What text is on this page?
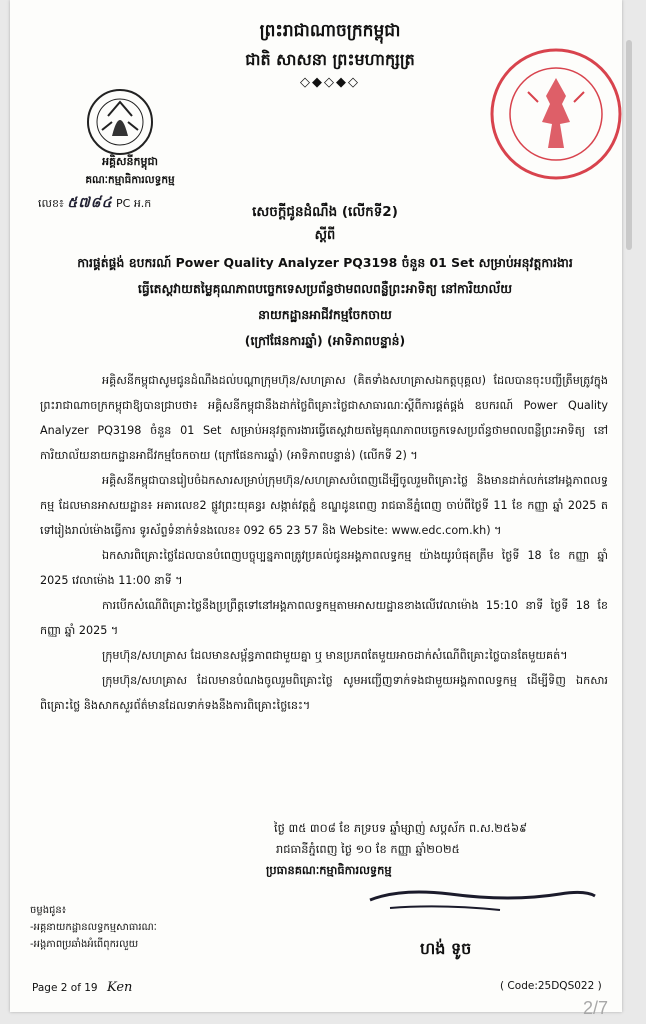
ព្រះរាជាណាចក្រកម្ពុជា
ជាតិ សាសនា ព្រះមហាក្សត្រ
◇◆◇◆◇
អគ្គិសនីកម្ពុជា
គណៈកម្មាធិការលទ្ធកម្ម
លេខ៖ ៥៧៨៤ PC អ.ក
សេចក្តីជូនដំណឹង (លើកទី2)
ស្តីពី
ការផ្គត់ផ្គង់ ឧបករណ៍ Power Quality Analyzer PQ3198 ចំនួន 01 Set សម្រាប់អនុវត្តការងារ
ធ្វើតេស្តវាយតម្លៃគុណភាពបច្ចេកទេសប្រព័ន្ធថាមពលពន្លឺព្រះអាទិត្យ នៅការិយាល័យ
នាយកដ្ឋានអាជីវកម្មចែកចាយ
(ក្រៅផែនការឆ្នាំ) (អាទិភាពបន្ទាន់)

អគ្គិសនីកម្ពុជាសូមជូនដំណឹងដល់បណ្តាក្រុមហ៊ុន/សហគ្រាស (គិតទាំងសហគ្រាសឯកត្តបុគ្គល) ដែលបានចុះបញ្ជីត្រឹមត្រូវក្នុងព្រះរាជាណាចក្រកម្ពុជាឱ្យបានជ្រាបថា៖ អគ្គិសនីកម្ពុជានឹងដាក់ថ្លៃពិគ្រោះថ្លៃជាសាធារណៈស្តីពីការផ្គត់ផ្គង់ ឧបករណ៍ Power Quality Analyzer PQ3198 ចំនួន 01 Set សម្រាប់អនុវត្តការងារធ្វើតេស្តវាយតម្លៃគុណភាពបច្ចេកទេសប្រព័ន្ធថាមពលពន្លឺព្រះអាទិត្យ នៅការិយាល័យនាយកដ្ឋានអាជីវកម្មចែកចាយ (ក្រៅផែនការឆ្នាំ) (អាទិភាពបន្ទាន់) (លើកទី 2) ។

អគ្គិសនីកម្ពុជាបានរៀបចំឯកសារសម្រាប់ក្រុមហ៊ុន/សហគ្រាសបំពេញដើម្បីចូលរួមពិគ្រោះថ្លៃ និងមានដាក់លក់នៅអង្គភាពលទ្ធកម្ម ដែលមានអាសយដ្ឋាន៖ អគារលេខ2 ផ្លូវព្រះយុគន្ធរ សង្កាត់វត្តភ្នំ ខណ្ឌដូនពេញ រាជធានីភ្នំពេញ ចាប់ពីថ្ងៃទី 11 ខែ កញ្ញា ឆ្នាំ 2025 តទៅរៀងរាល់ម៉ោងធ្វើការ ទូរស័ព្ទទំនាក់ទំនងលេខ៖ 092 65 23 57 និង Website: www.edc.com.kh) ។

ឯកសារពិគ្រោះថ្លៃដែលបានបំពេញបច្ចុប្បន្នភាពត្រូវប្រគល់ជូនអង្គភាពលទ្ធកម្ម យ៉ាងយូរបំផុតត្រឹម ថ្ងៃទី 18 ខែ កញ្ញា ឆ្នាំ 2025 វេលាម៉ោង 11:00 នាទី ។

ការបើកសំណើពិគ្រោះថ្លៃនឹងប្រព្រឹត្តទៅនៅអង្គភាពលទ្ធកម្មតាមអាសយដ្ឋានខាងលើវេលាម៉ោង 15:10 នាទី ថ្ងៃទី 18 ខែ កញ្ញា ឆ្នាំ 2025 ។

ក្រុមហ៊ុន/សហគ្រាស ដែលមានសម្ព័ន្ធភាពជាមួយគ្នា ឬ មានប្រភពតែមួយអាចដាក់សំណើពិគ្រោះថ្លៃបានតែមួយគត់។

ក្រុមហ៊ុន/សហគ្រាស ដែលមានបំណងចូលរួមពិគ្រោះថ្លៃ សូមអញ្ជើញទាក់ទងជាមួយអង្គភាពលទ្ធកម្ម ដើម្បីទិញ ឯកសារពិគ្រោះថ្លៃ និងសាកសួរព័ត៌មានដែលទាក់ទងនឹងការពិគ្រោះថ្លៃនេះ។

ថ្ងៃ ៣៥ ៣០៨ ខែ ភទ្របទ ឆ្នាំម្សាញ់ សប្តស័ក ព.ស.២៥៦៩
រាជធានីភ្នំពេញ ថ្ងៃ ១០ ខែ កញ្ញា ឆ្នាំ២០២៥
ប្រធានគណៈកម្មាធិការលទ្ធកម្ម
ហង់ ទូច
ចម្លងជូន៖
-អគ្គនាយកដ្ឋានលទ្ធកម្មសាធារណៈ
-អង្គភាពប្រឆាំងអំពើពុករលួយ
Page 2 of 19 Ken	( Code:25DQS022 )
2/7
